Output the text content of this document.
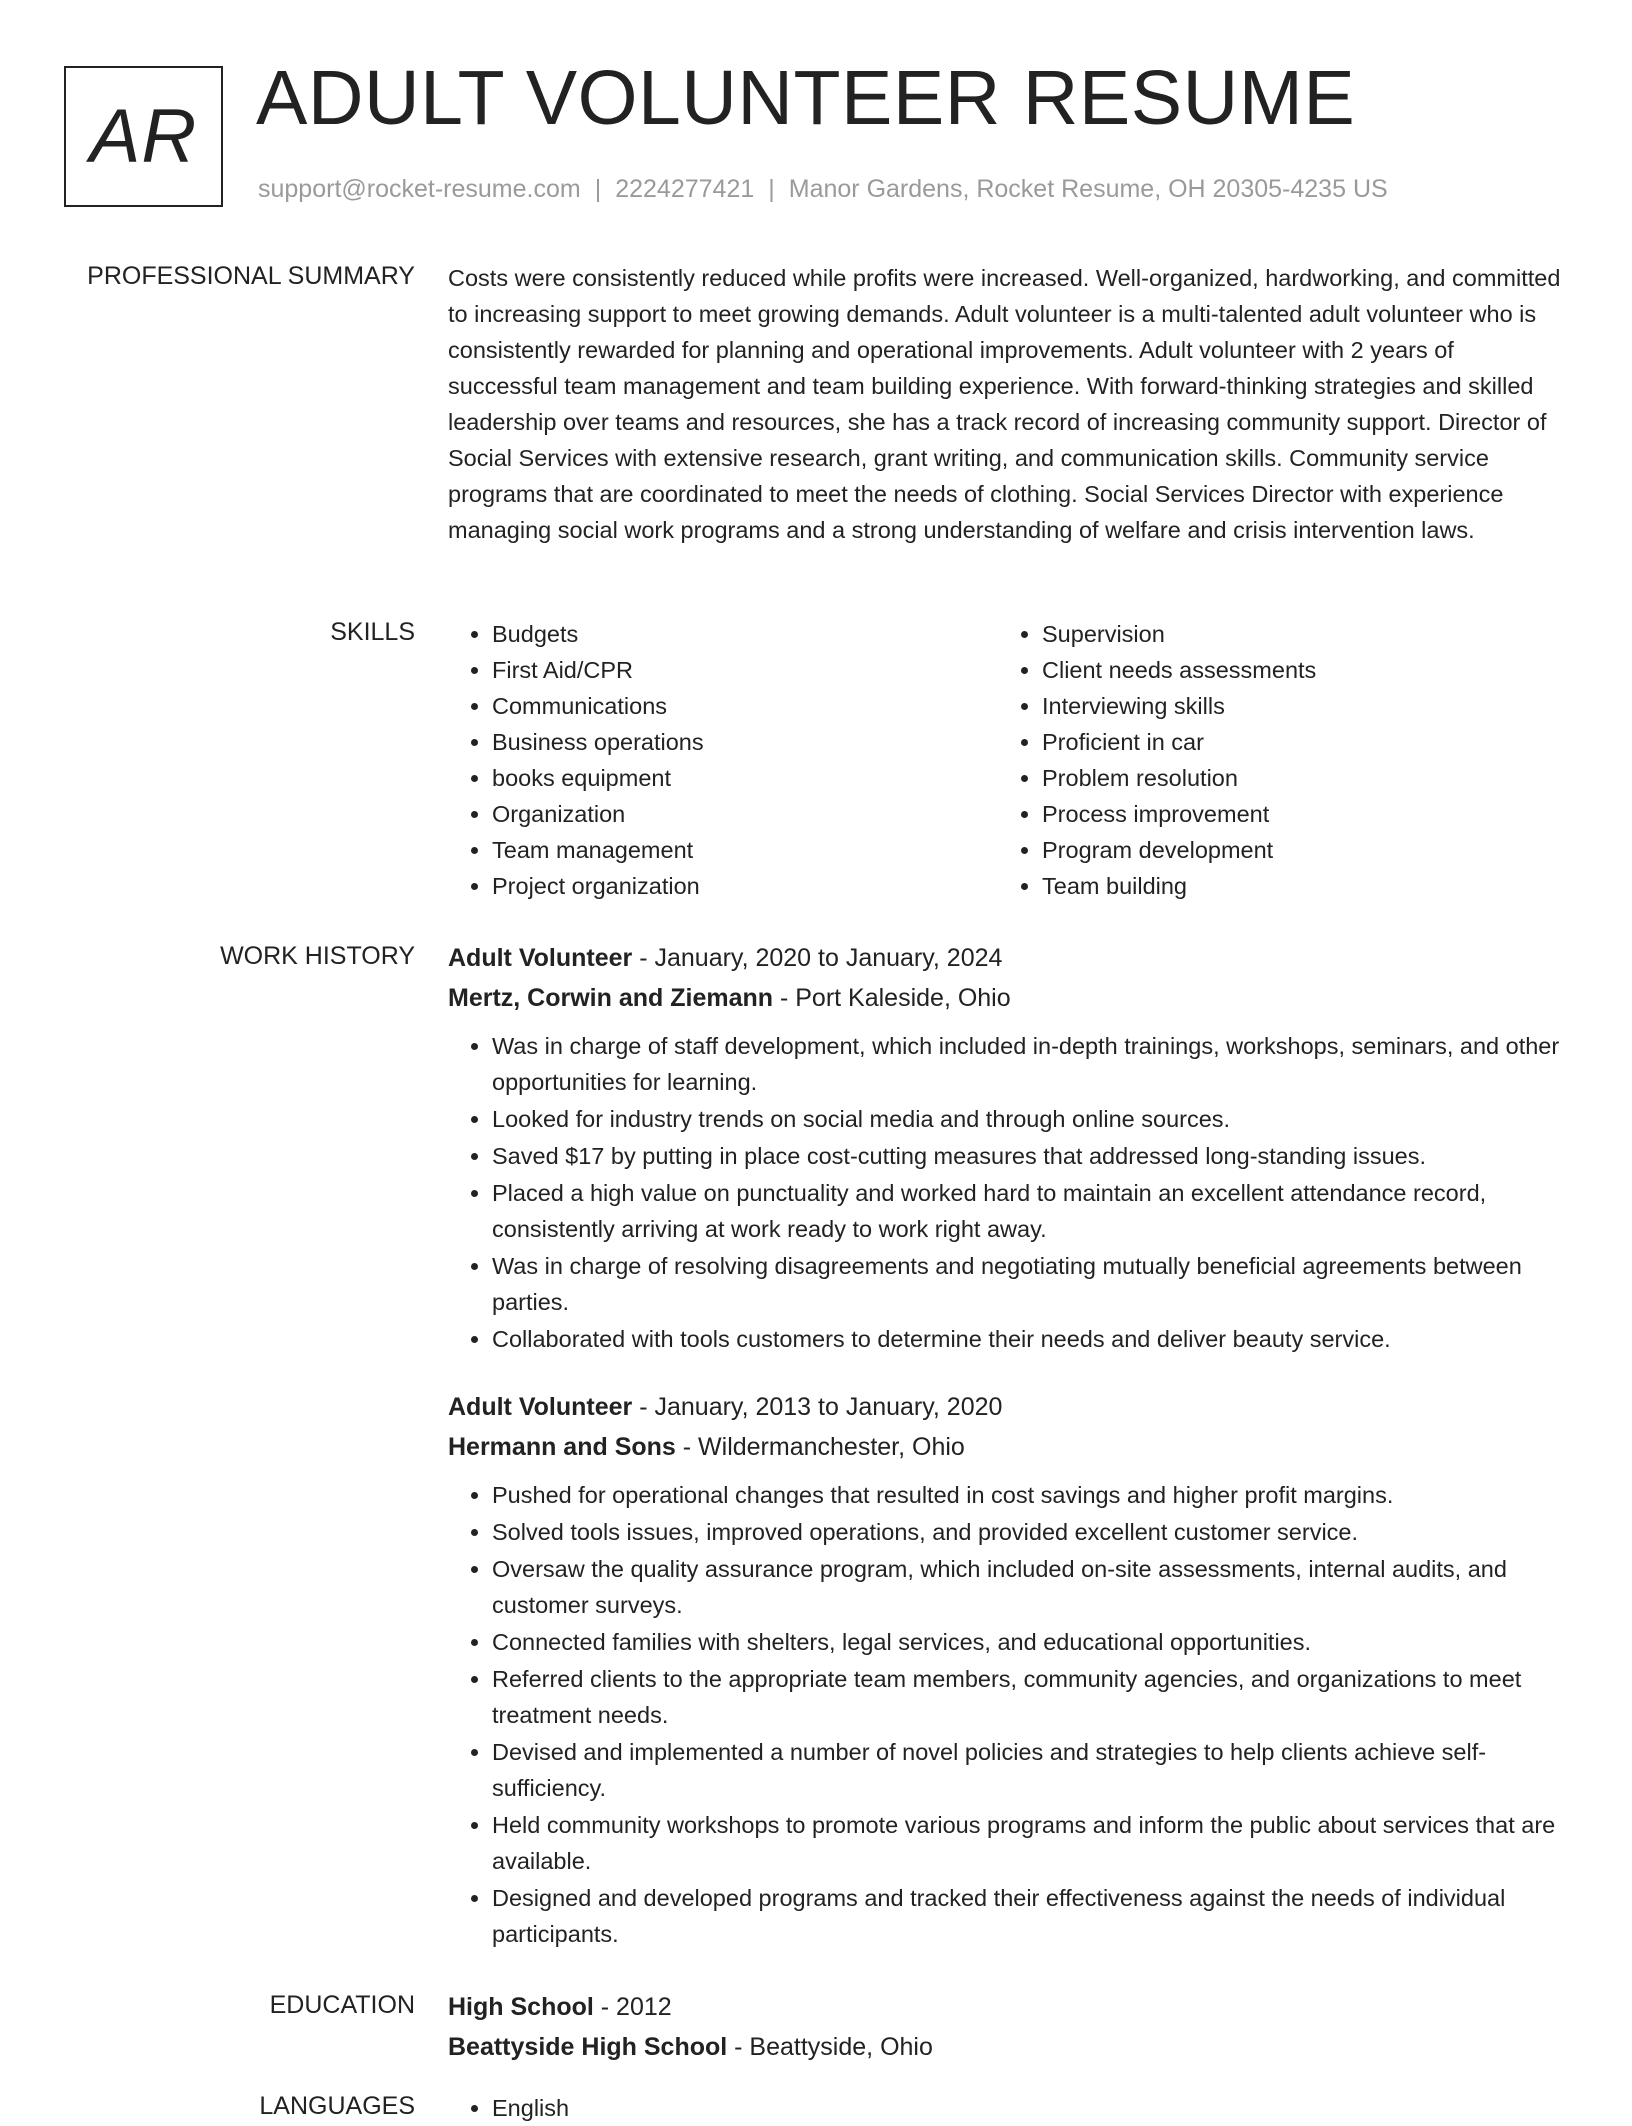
AR ADULT VOLUNTEER RESUME
support@rocket-resume.com | 2224277421 | Manor Gardens, Rocket Resume, OH 20305-4235 US
PROFESSIONAL SUMMARY Costs were consistently reduced while profits were increased. Well-organized, hardworking, and committed to increasing support to meet growing demands. Adult volunteer is a multi-talented adult volunteer who is consistently rewarded for planning and operational improvements. Adult volunteer with 2 years of successful team management and team building experience. With forward-thinking strategies and skilled leadership over teams and resources, she has a track record of increasing community support. Director of Social Services with extensive research, grant writing, and communication skills. Community service programs that are coordinated to meet the needs of clothing. Social Services Director with experience managing social work programs and a strong understanding of welfare and crisis intervention laws.

SKILLS	• Budgets
• First Aid/CPR
• Communications
• Business operations
• books equipment
• Organization
• Team management
• Project organization
• Supervision
• Client needs assessments
• Interviewing skills
• Proficient in car
• Problem resolution
• Process improvement
• Program development
• Team building
WORK HISTORY Adult Volunteer - January, 2020 to January, 2024
Mertz, Corwin and Ziemann - Port Kaleside, Ohio
• Was in charge of staff development, which included in-depth trainings, workshops, seminars, and other opportunities for learning.
• Looked for industry trends on social media and through online sources.
• Saved $17 by putting in place cost-cutting measures that addressed long-standing issues.
• Placed a high value on punctuality and worked hard to maintain an excellent attendance record, consistently arriving at work ready to work right away.
• Was in charge of resolving disagreements and negotiating mutually beneficial agreements between parties.
• Collaborated with tools customers to determine their needs and deliver beauty service.
Adult Volunteer - January, 2013 to January, 2020
Hermann and Sons - Wildermanchester, Ohio
• Pushed for operational changes that resulted in cost savings and higher profit margins.
• Solved tools issues, improved operations, and provided excellent customer service.
• Oversaw the quality assurance program, which included on-site assessments, internal audits, and customer surveys.
• Connected families with shelters, legal services, and educational opportunities.
• Referred clients to the appropriate team members, community agencies, and organizations to meet treatment needs.
• Devised and implemented a number of novel policies and strategies to help clients achieve self-sufficiency.
• Held community workshops to promote various programs and inform the public about services that are available.
• Designed and developed programs and tracked their effectiveness against the needs of individual participants.
EDUCATION High School - 2012
Beattyside High School - Beattyside, Ohio
LANGUAGES	• English
